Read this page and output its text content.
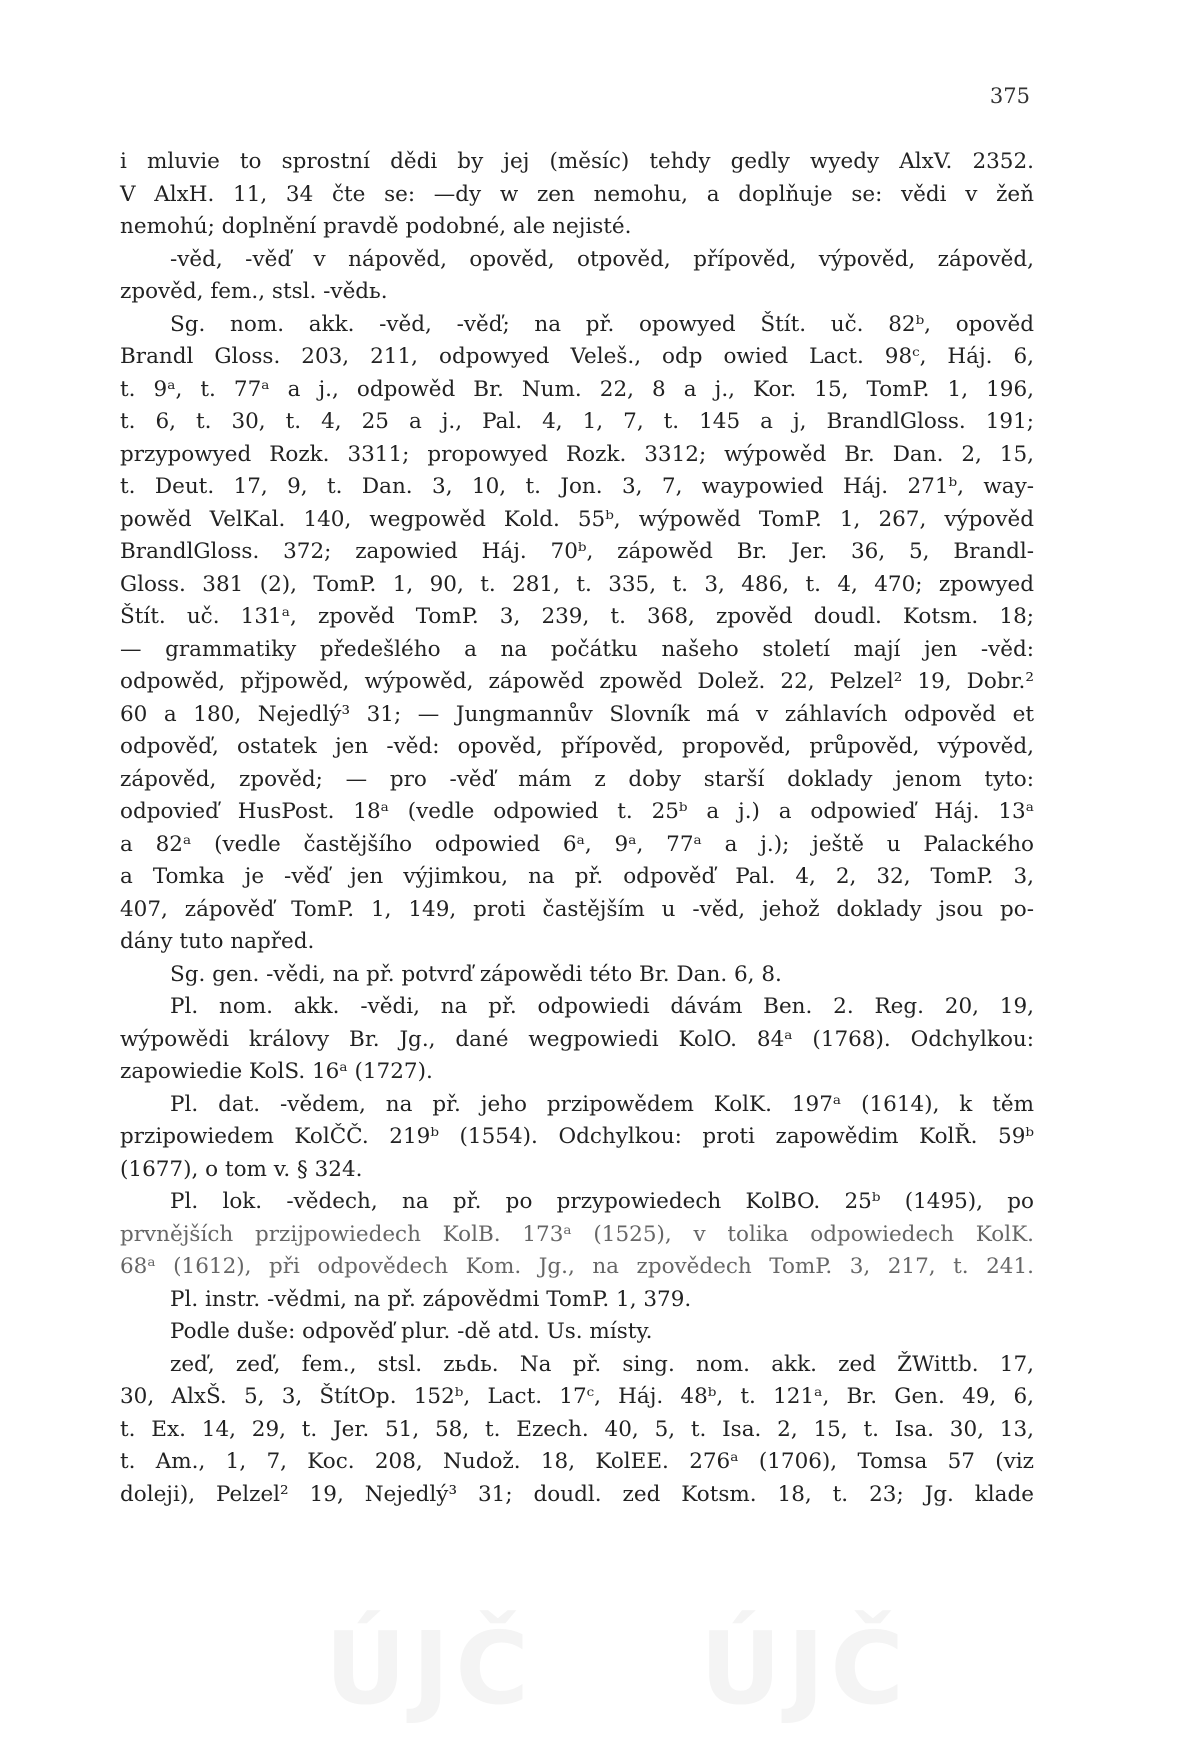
375
i mluvie to sprostní dědi by jej (měsíc) tehdy gedly wyedy AlxV. 2352.
V AlxH. 11, 34 čte se: —dy w zen nemohu, a doplňuje se: vědi v žeň
nemohú; doplnění pravdě podobné, ale nejisté.
-věd, -věď v nápověd, opověd, otpověd, přípověd, výpověd, zápověd,
zpověd, fem., stsl. -vědь.
Sg. nom. akk. -věd, -věď; na př. opowyed Štít. uč. 82ᵇ, opověd
Brandl Gloss. 203, 211, odpowyed Veleš., odp owied Lact. 98ᶜ, Háj. 6,
t. 9ᵃ, t. 77ᵃ a j., odpowěd Br. Num. 22, 8 a j., Kor. 15, TomP. 1, 196,
t. 6, t. 30, t. 4, 25 a j., Pal. 4, 1, 7, t. 145 a j, BrandlGloss. 191;
przypowyed Rozk. 3311; propowyed Rozk. 3312; wýpowěd Br. Dan. 2, 15,
t. Deut. 17, 9, t. Dan. 3, 10, t. Jon. 3, 7, waypowied Háj. 271ᵇ, way-
powěd VelKal. 140, wegpowěd Kold. 55ᵇ, wýpowěd TomP. 1, 267, výpověd
BrandlGloss. 372; zapowied Háj. 70ᵇ, zápowěd Br. Jer. 36, 5, Brandl-
Gloss. 381 (2), TomP. 1, 90, t. 281, t. 335, t. 3, 486, t. 4, 470; zpowyed
Štít. uč. 131ᵃ, zpověd TomP. 3, 239, t. 368, zpověd doudl. Kotsm. 18;
— grammatiky předešlého a na počátku našeho století mají jen -věd:
odpowěd, přjpowěd, wýpowěd, zápowěd zpowěd Dolež. 22, Pelzel² 19, Dobr.²
60 a 180, Nejedlý³ 31; — Jungmannův Slovník má v záhlavích odpověd et
odpověď, ostatek jen -věd: opověd, přípověd, propověd, průpověd, výpověd,
zápověd, zpověd; — pro -věď mám z doby starší doklady jenom tyto:
odpovieď HusPost. 18ᵃ (vedle odpowied t. 25ᵇ a j.) a odpowieď Háj. 13ᵃ
a 82ᵃ (vedle častějšího odpowied 6ᵃ, 9ᵃ, 77ᵃ a j.); ještě u Palackého
a Tomka je -věď jen výjimkou, na př. odpověď Pal. 4, 2, 32, TomP. 3,
407, zápověď TomP. 1, 149, proti častějším u -věd, jehož doklady jsou po-
dány tuto napřed.
Sg. gen. -vědi, na př. potvrď zápowědi této Br. Dan. 6, 8.
Pl. nom. akk. -vědi, na př. odpowiedi dávám Ben. 2. Reg. 20, 19,
wýpowědi královy Br. Jg., dané wegpowiedi KolO. 84ᵃ (1768). Odchylkou:
zapowiedie KolS. 16ᵃ (1727).
Pl. dat. -vědem, na př. jeho przipowědem KolK. 197ᵃ (1614), k těm
przipowiedem KolČČ. 219ᵇ (1554). Odchylkou: proti zapowědim KolŘ. 59ᵇ
(1677), o tom v. § 324.
Pl. lok. -vědech, na př. po przypowiedech KolBO. 25ᵇ (1495), po
prvnějších przijpowiedech KolB. 173ᵃ (1525), v tolika odpowiedech KolK.
68ᵃ (1612), při odpovědech Kom. Jg., na zpovědech TomP. 3, 217, t. 241.
Pl. instr. -vědmi, na př. zápovědmi TomP. 1, 379.
Podle duše: odpověď plur. -dě atd. Us. místy.
zeď, zeď, fem., stsl. zьdь. Na př. sing. nom. akk. zed ŽWittb. 17,
30, AlxŠ. 5, 3, ŠtítOp. 152ᵇ, Lact. 17ᶜ, Háj. 48ᵇ, t. 121ᵃ, Br. Gen. 49, 6,
t. Ex. 14, 29, t. Jer. 51, 58, t. Ezech. 40, 5, t. Isa. 2, 15, t. Isa. 30, 13,
t. Am., 1, 7, Koc. 208, Nudož. 18, KolEE. 276ᵃ (1706), Tomsa 57 (viz
doleji), Pelzel² 19, Nejedlý³ 31; doudl. zed Kotsm. 18, t. 23; Jg. klade
ÚJČ ÚJČ
